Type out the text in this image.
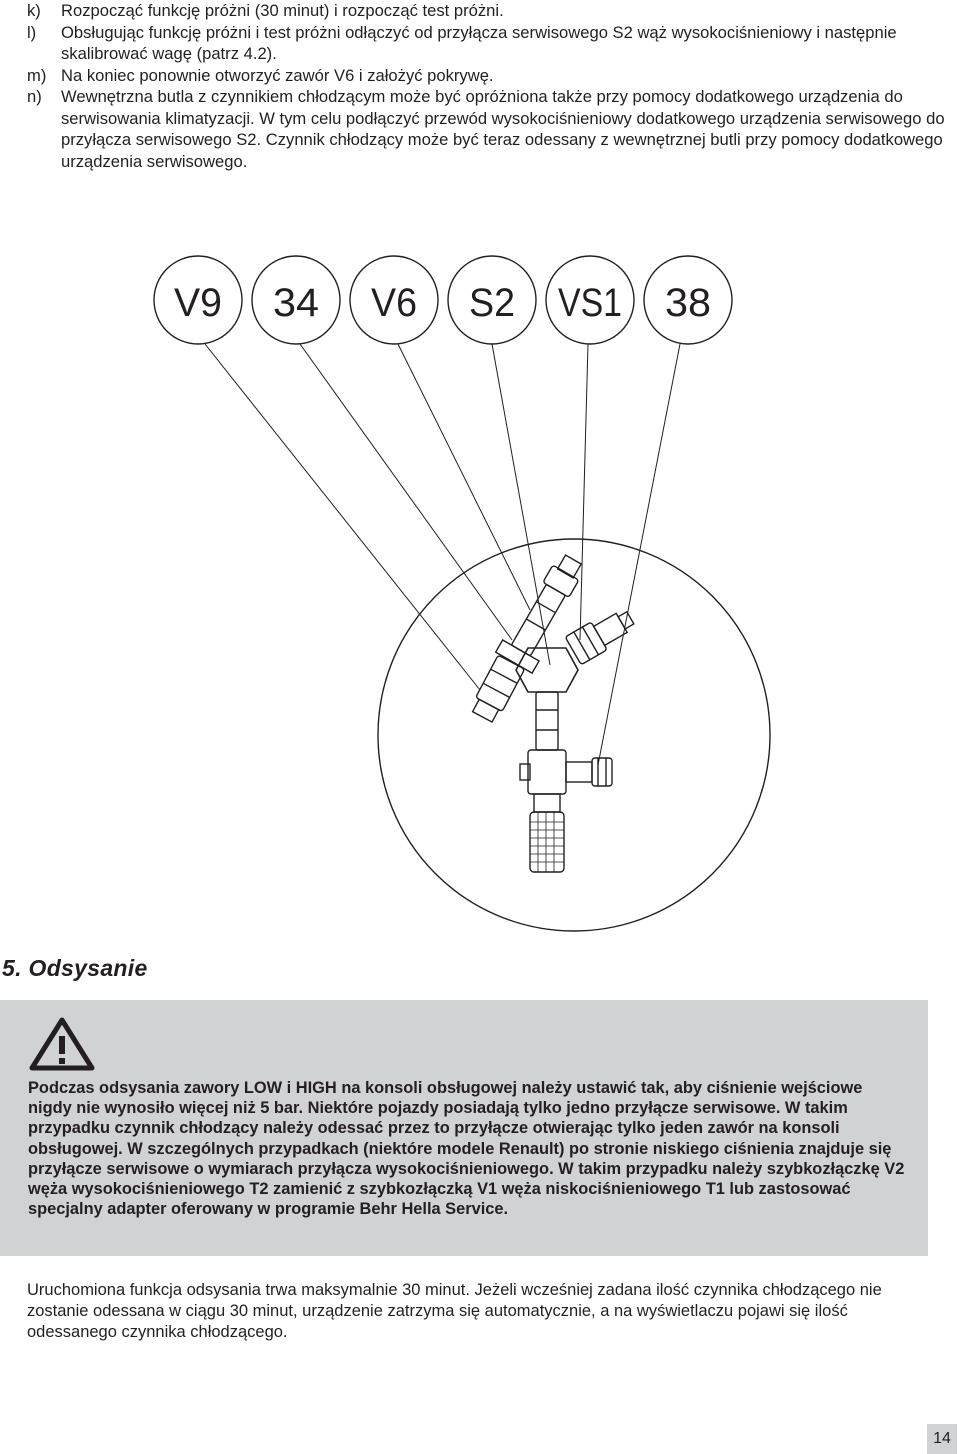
k)	Rozpocząć funkcję próżni (30 minut) i rozpocząć test próżni.
l)	Obsługując funkcję próżni i test próżni odłączyć od przyłącza serwisowego S2 wąż wysokociśnieniowy i następnie skalibrować wagę (patrz 4.2).
m) Na koniec ponownie otworzyć zawór V6 i założyć pokrywę.
n)	Wewnętrzna butla z czynnikiem chłodzącym może być opróżniona także przy pomocy dodatkowego urządzenia do serwisowania klimatyzacji. W tym celu podłączyć przewód wysokociśnieniowy dodatkowego urządzenia serwisowego do przyłącza serwisowego S2. Czynnik chłodzący może być teraz odessany z wewnętrznej butli przy pomocy dodatkowego urządzenia serwisowego.
V9 34 V6 S2 VS1 38
5. Odsysanie

Podczas odsysania zawory LOW i HIGH na konsoli obsługowej należy ustawić tak, aby ciśnienie wejściowe nigdy nie wynosiło więcej niż 5 bar. Niektóre pojazdy posiadają tylko jedno przyłącze serwisowe. W takim przypadku czynnik chłodzący należy odessać przez to przyłącze otwierając tylko jeden zawór na konsoli obsługowej. W szczególnych przypadkach (niektóre modele Renault) po stronie niskiego ciśnienia znajduje się przyłącze serwisowe o wymiarach przyłącza wysokociśnieniowego. W takim przypadku należy szybkozłączkę V2 węża wysokociśnieniowego T2 zamienić z szybkozłączką V1 węża niskociśnieniowego T1 lub zastosować specjalny adapter oferowany w programie Behr Hella Service.

Uruchomiona funkcja odsysania trwa maksymalnie 30 minut. Jeżeli wcześniej zadana ilość czynnika chłodzącego nie zostanie odessana w ciągu 30 minut, urządzenie zatrzyma się automatycznie, a na wyświetlaczu pojawi się ilość odessanego czynnika chłodzącego.

14
